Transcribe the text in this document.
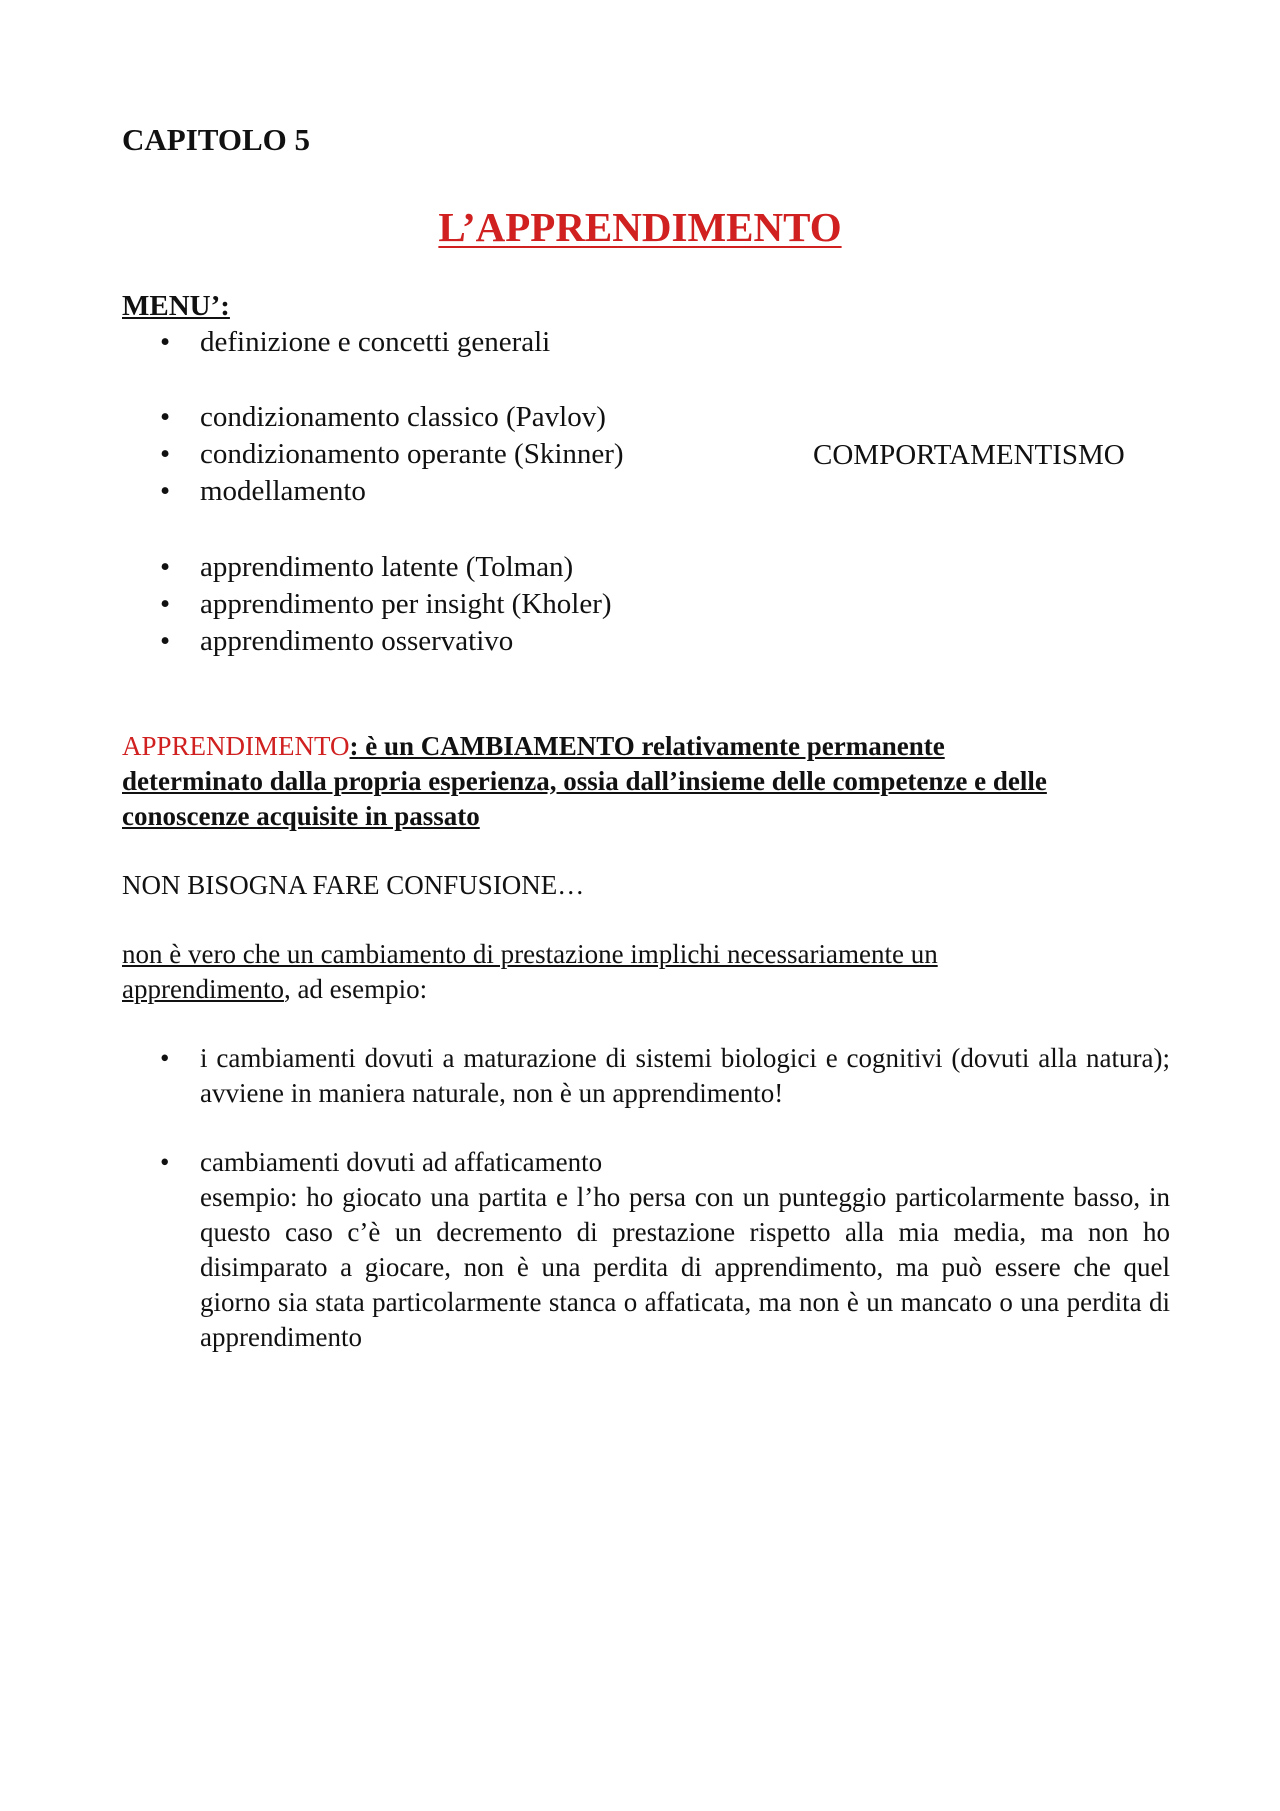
CAPITOLO 5
L’APPRENDIMENTO
MENU’:
• definizione e concetti generali
• condizionamento classico (Pavlov)
• condizionamento operante (Skinner)
• modellamento
• apprendimento latente (Tolman)
• apprendimento per insight (Kholer)
• apprendimento osservativo
COMPORTAMENTISMO
APPRENDIMENTO: è un CAMBIAMENTO relativamente permanente
determinato dalla propria esperienza, ossia dall’insieme delle competenze e delle
conoscenze acquisite in passato
NON BISOGNA FARE CONFUSIONE…
non è vero che un cambiamento di prestazione implichi necessariamente un
apprendimento, ad esempio:
• i cambiamenti dovuti a maturazione di sistemi biologici e cognitivi (dovuti alla natura); avviene in maniera naturale, non è un apprendimento!
• cambiamenti dovuti ad affaticamento
esempio: ho giocato una partita e l’ho persa con un punteggio particolarmente basso, in questo caso c’è un decremento di prestazione rispetto alla mia media, ma non ho disimparato a giocare, non è una perdita di apprendimento, ma può essere che quel giorno sia stata particolarmente stanca o affaticata, ma non è un mancato o una perdita di apprendimento
